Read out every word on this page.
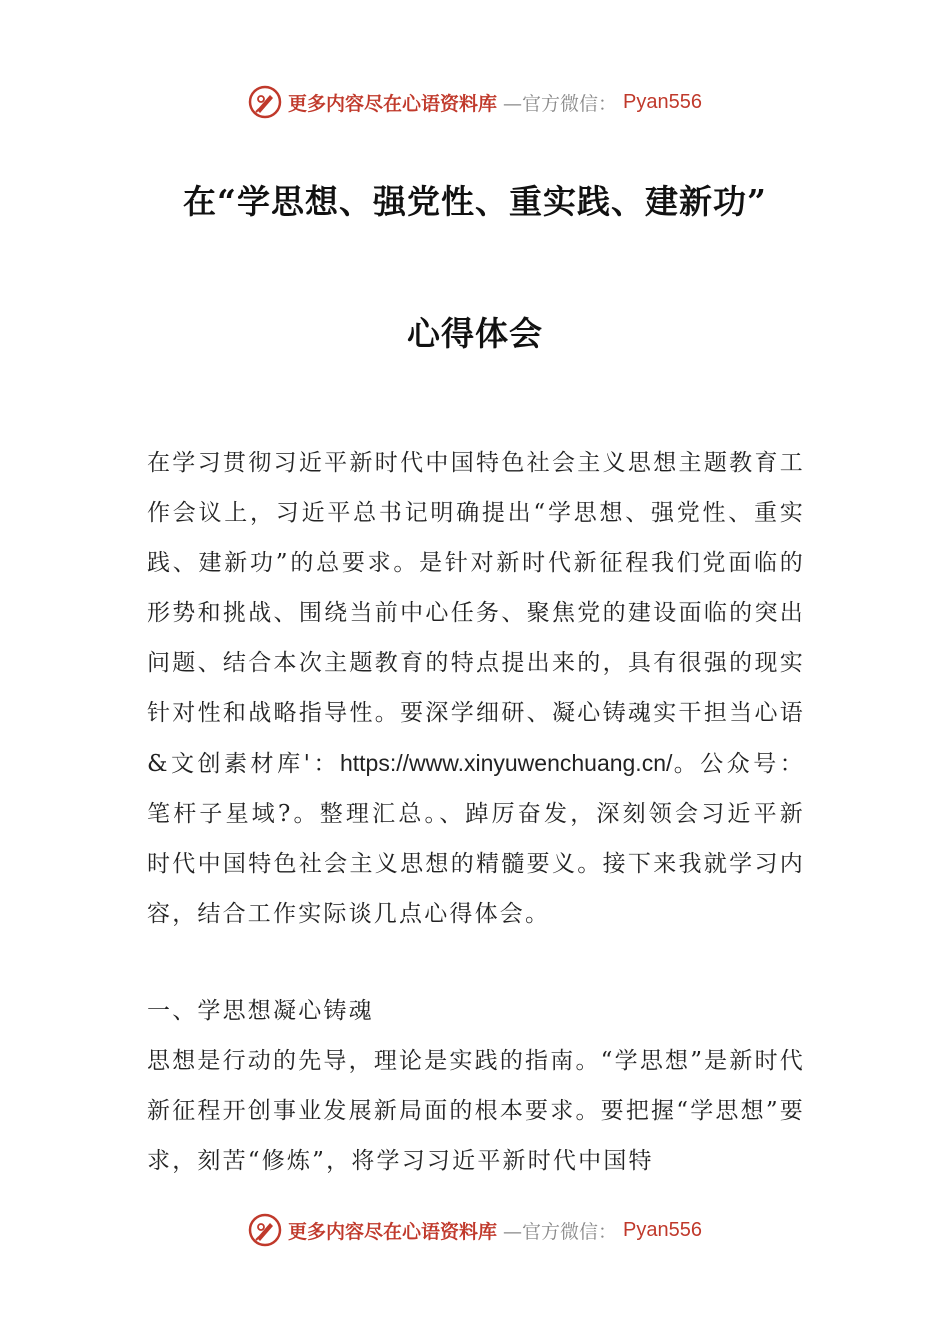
更多内容尽在心语资料库 —官方微信： Pyan556
在“学思想、强党性、重实践、建新功”
心得体会

在学习贯彻习近平新时代中国特色社会主义思想主题教育工作会议上，习近平总书记明确提出“学思想、强党性、重实践、建新功”的总要求。是针对新时代新征程我们党面临的形势和挑战、围绕当前中心任务、聚焦党的建设面临的突出问题、结合本次主题教育的特点提出来的，具有很强的现实针对性和战略指导性。要深学细研、凝心铸魂实干担当心语&文创素材库'：https://www.xinyuwenchuang.cn/。公众号：笔杆子星域?。整理汇总。、踔厉奋发，深刻领会习近平新时代中国特色社会主义思想的精髓要义。接下来我就学习内容，结合工作实际谈几点心得体会。

一、学思想凝心铸魂

思想是行动的先导，理论是实践的指南。“学思想”是新时代新征程开创事业发展新局面的根本要求。要把握“学思想”要求，刻苦“修炼”，将学习习近平新时代中国特

更多内容尽在心语资料库 —官方微信： Pyan556
